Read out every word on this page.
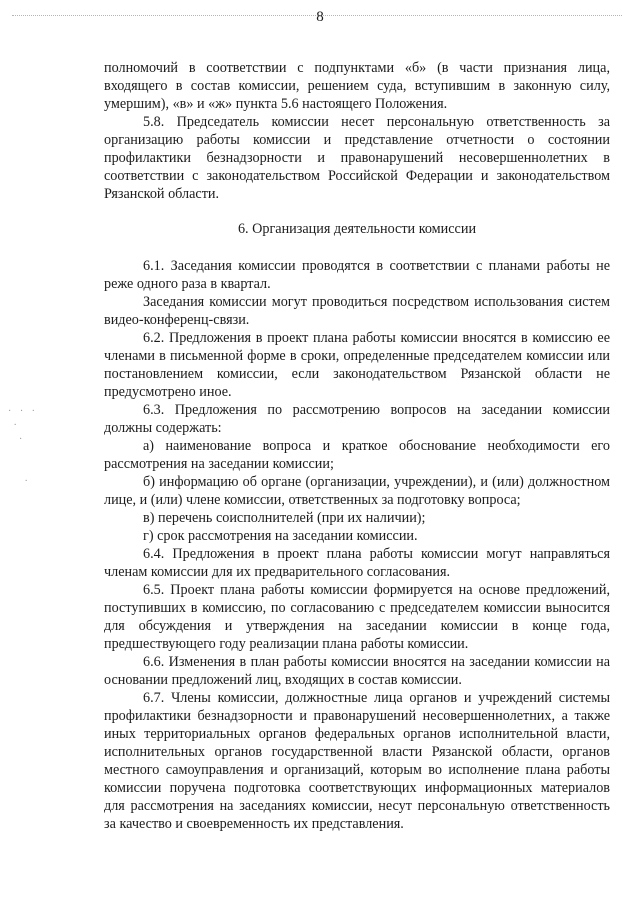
8
· · ·
·
·

·

полномочий в соответствии с подпунктами «б» (в части признания лица, входящего в состав комиссии, решением суда, вступившим в законную силу, умершим), «в» и «ж» пункта 5.6 настоящего Положения.

5.8. Председатель комиссии несет персональную ответственность за организацию работы комиссии и представление отчетности о состоянии профилактики безнадзорности и правонарушений несовершеннолетних в соответствии с законодательством Российской Федерации и законодательством Рязанской области.

6. Организация деятельности комиссии

6.1. Заседания комиссии проводятся в соответствии с планами работы не реже одного раза в квартал.

Заседания комиссии могут проводиться посредством использования систем видео-конференц-связи.

6.2. Предложения в проект плана работы комиссии вносятся в комиссию ее членами в письменной форме в сроки, определенные председателем комиссии или постановлением комиссии, если законодательством Рязанской области не предусмотрено иное.

6.3. Предложения по рассмотрению вопросов на заседании комиссии должны содержать:

а) наименование вопроса и краткое обоснование необходимости его рассмотрения на заседании комиссии;

б) информацию об органе (организации, учреждении), и (или) должностном лице, и (или) члене комиссии, ответственных за подготовку вопроса;

в) перечень соисполнителей (при их наличии);

г) срок рассмотрения на заседании комиссии.

6.4. Предложения в проект плана работы комиссии могут направляться членам комиссии для их предварительного согласования.

6.5. Проект плана работы комиссии формируется на основе предложений, поступивших в комиссию, по согласованию с председателем комиссии выносится для обсуждения и утверждения на заседании комиссии в конце года, предшествующего году реализации плана работы комиссии.

6.6. Изменения в план работы комиссии вносятся на заседании комиссии на основании предложений лиц, входящих в состав комиссии.

6.7. Члены комиссии, должностные лица органов и учреждений системы профилактики безнадзорности и правонарушений несовершеннолетних, а также иных территориальных органов федеральных органов исполнительной власти, исполнительных органов государственной власти Рязанской области, органов местного самоуправления и организаций, которым во исполнение плана работы комиссии поручена подготовка соответствующих информационных материалов для рассмотрения на заседаниях комиссии, несут персональную ответственность за качество и своевременность их представления.
